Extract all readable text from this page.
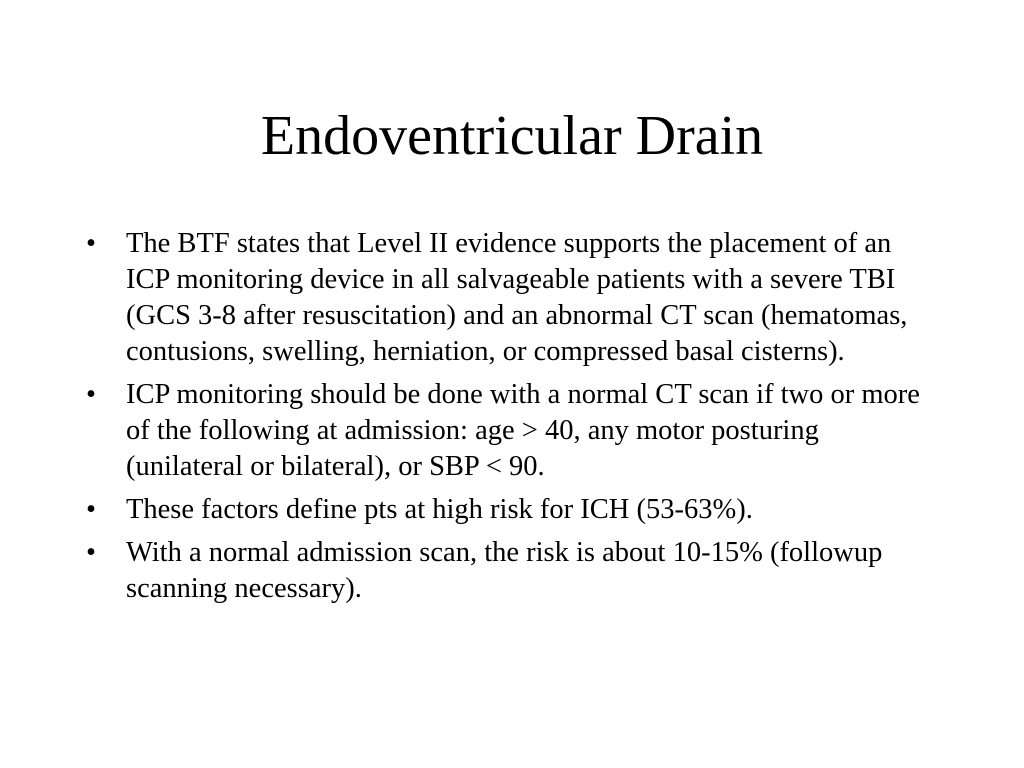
Endoventricular Drain
•	The BTF states that Level II evidence supports the placement of an ICP monitoring device in all salvageable patients with a severe TBI (GCS 3-8 after resuscitation) and an abnormal CT scan (hematomas, contusions, swelling, herniation, or compressed basal cisterns).
•	ICP monitoring should be done with a normal CT scan if two or more of the following at admission: age > 40, any motor posturing (unilateral or bilateral), or SBP < 90.
•	These factors define pts at high risk for ICH (53-63%).
•	With a normal admission scan, the risk is about 10-15% (followup scanning necessary).
